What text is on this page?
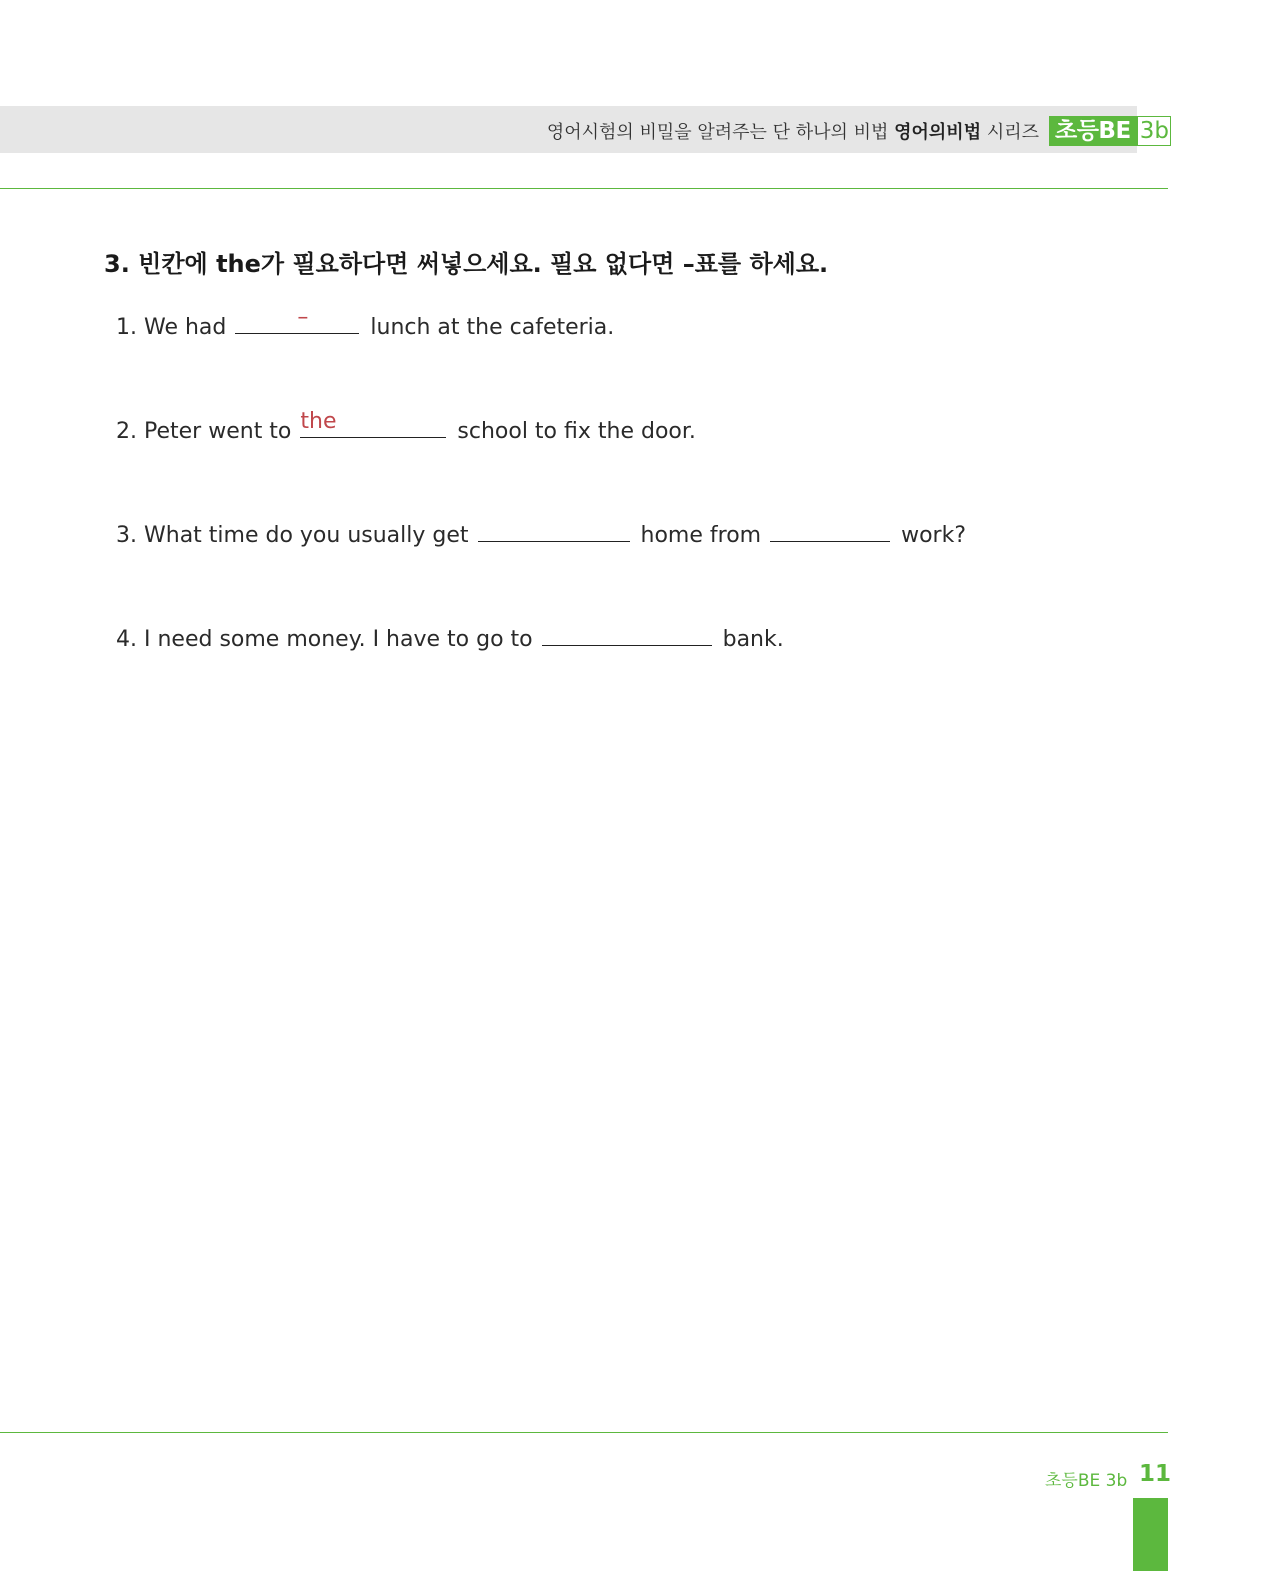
영어시험의 비밀을 알려주는 단 하나의 비법 영어의비법 시리즈 초등BE 3b
3. 빈칸에 the가 필요하다면 써넣으세요. 필요 없다면 –표를 하세요.
1. We had	–	lunch at the cafeteria.
2. Peter went to the	school to fix the door.
3. What time do you usually get	home from	work?
4. I need some money. I have to go to	bank.
초등BE 3b 11
